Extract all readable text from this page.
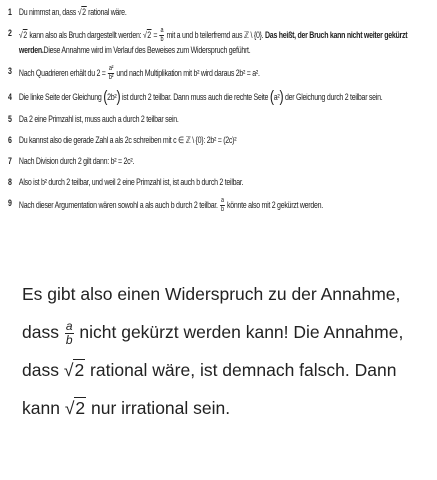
1 Du nimmst an, dass √2 rational wäre.
2 √2 kann also als Bruch dargestellt werden: $√2 = \frac{a}{b}$ mit a und b teilerfremd aus ℤ \ {0}. Das heißt, der Bruch kann nicht weiter gekürzt werden.Diese Annahme wird im Verlauf des Beweises zum Widerspruch geführt.
3 Nach Quadrieren erhält du $2 = \frac{\text{a²}}{\text{b²}}$ und nach Multiplikation mit b² wird daraus 2b² = a².
4 Die linke Seite der Gleichung (2b²) ist durch 2 teilbar. Dann muss auch die rechte Seite (a²) der Gleichung durch 2 teilbar sein.
5 Da 2 eine Primzahl ist, muss auch a durch 2 teilbar sein.
6 Du kannst also die gerade Zahl a als 2c schreiben mit c ∈ ℤ \ {0}: 2b² = (2c)²
7 Nach Division durch 2 gilt dann: b² = 2c².
8 Also ist b² durch 2 teilbar, und weil 2 eine Primzahl ist, ist auch b durch 2 teilbar.
9 Nach dieser Argumentation wären sowohl a als auch b durch 2 teilbar. $\frac{a}{b}$ könnte also mit 2 gekürzt werden.
Es gibt also einen Widerspruch zu der Annahme, dass $\frac{a}{b}$ nicht gekürzt werden kann! Die Annahme, dass √2 rational wäre, ist demnach falsch. Dann kann √2 nur irrational sein.
